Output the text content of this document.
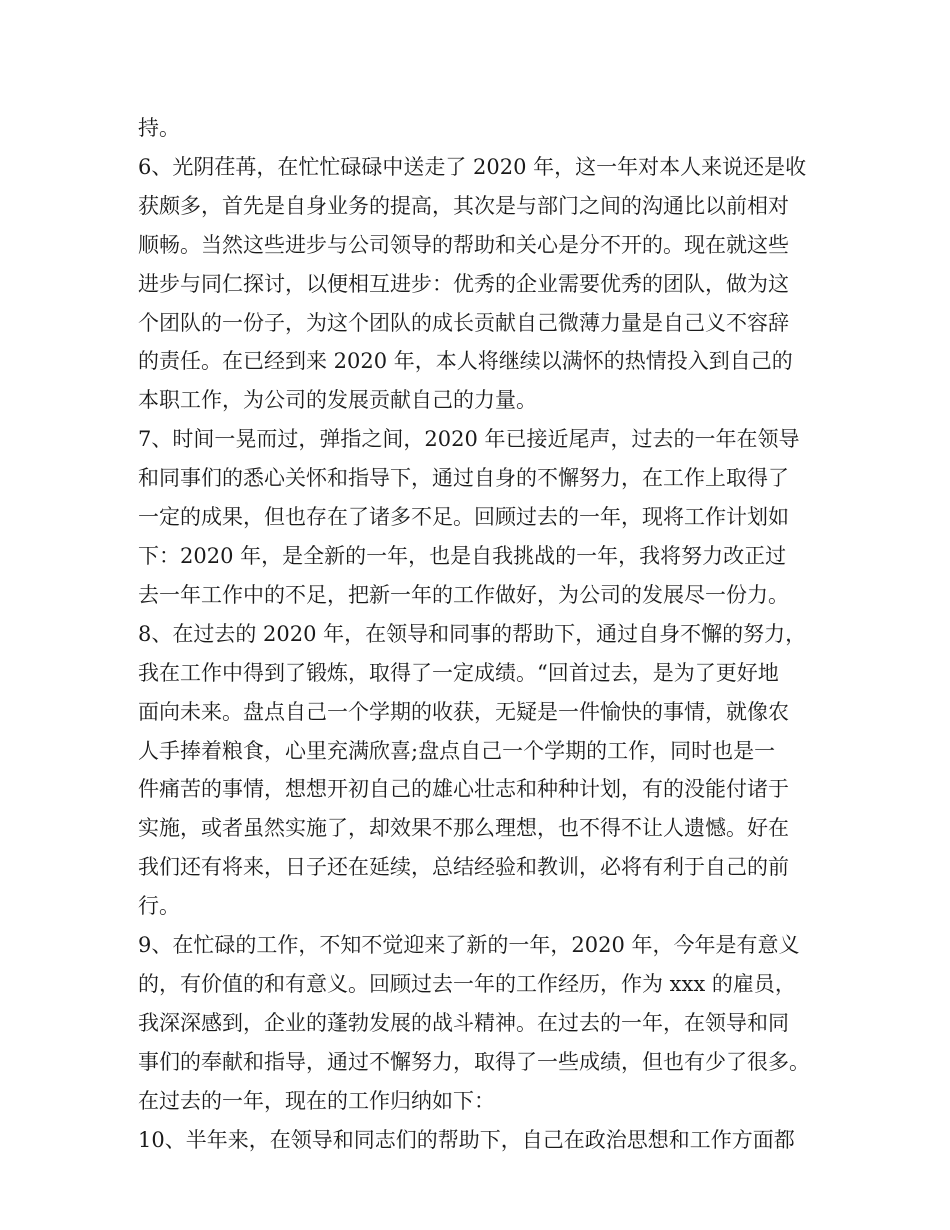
持。
6、光阴荏苒，在忙忙碌碌中送走了 2020 年，这一年对本人来说还是收
获颇多，首先是自身业务的提高，其次是与部门之间的沟通比以前相对
顺畅。当然这些进步与公司领导的帮助和关心是分不开的。现在就这些
进步与同仁探讨，以便相互进步：优秀的企业需要优秀的团队，做为这
个团队的一份子，为这个团队的成长贡献自己微薄力量是自己义不容辞
的责任。在已经到来 2020 年，本人将继续以满怀的热情投入到自己的
本职工作，为公司的发展贡献自己的力量。
7、时间一晃而过，弹指之间，2020 年已接近尾声，过去的一年在领导
和同事们的悉心关怀和指导下，通过自身的不懈努力，在工作上取得了
一定的成果，但也存在了诸多不足。回顾过去的一年，现将工作计划如
下：2020 年，是全新的一年，也是自我挑战的一年，我将努力改正过
去一年工作中的不足，把新一年的工作做好，为公司的发展尽一份力。
8、在过去的 2020 年，在领导和同事的帮助下，通过自身不懈的努力，
我在工作中得到了锻炼，取得了一定成绩。“回首过去，是为了更好地
面向未来。盘点自己一个学期的收获，无疑是一件愉快的事情，就像农
人手捧着粮食，心里充满欣喜;盘点自己一个学期的工作，同时也是一
件痛苦的事情，想想开初自己的雄心壮志和种种计划，有的没能付诸于
实施，或者虽然实施了，却效果不那么理想，也不得不让人遗憾。好在
我们还有将来，日子还在延续，总结经验和教训，必将有利于自己的前
行。
9、在忙碌的工作，不知不觉迎来了新的一年，2020 年，今年是有意义
的，有价值的和有意义。回顾过去一年的工作经历，作为 xxx 的雇员，
我深深感到，企业的蓬勃发展的战斗精神。在过去的一年，在领导和同
事们的奉献和指导，通过不懈努力，取得了一些成绩，但也有少了很多。
在过去的一年，现在的工作归纳如下：
10、半年来，在领导和同志们的帮助下，自己在政治思想和工作方面都
